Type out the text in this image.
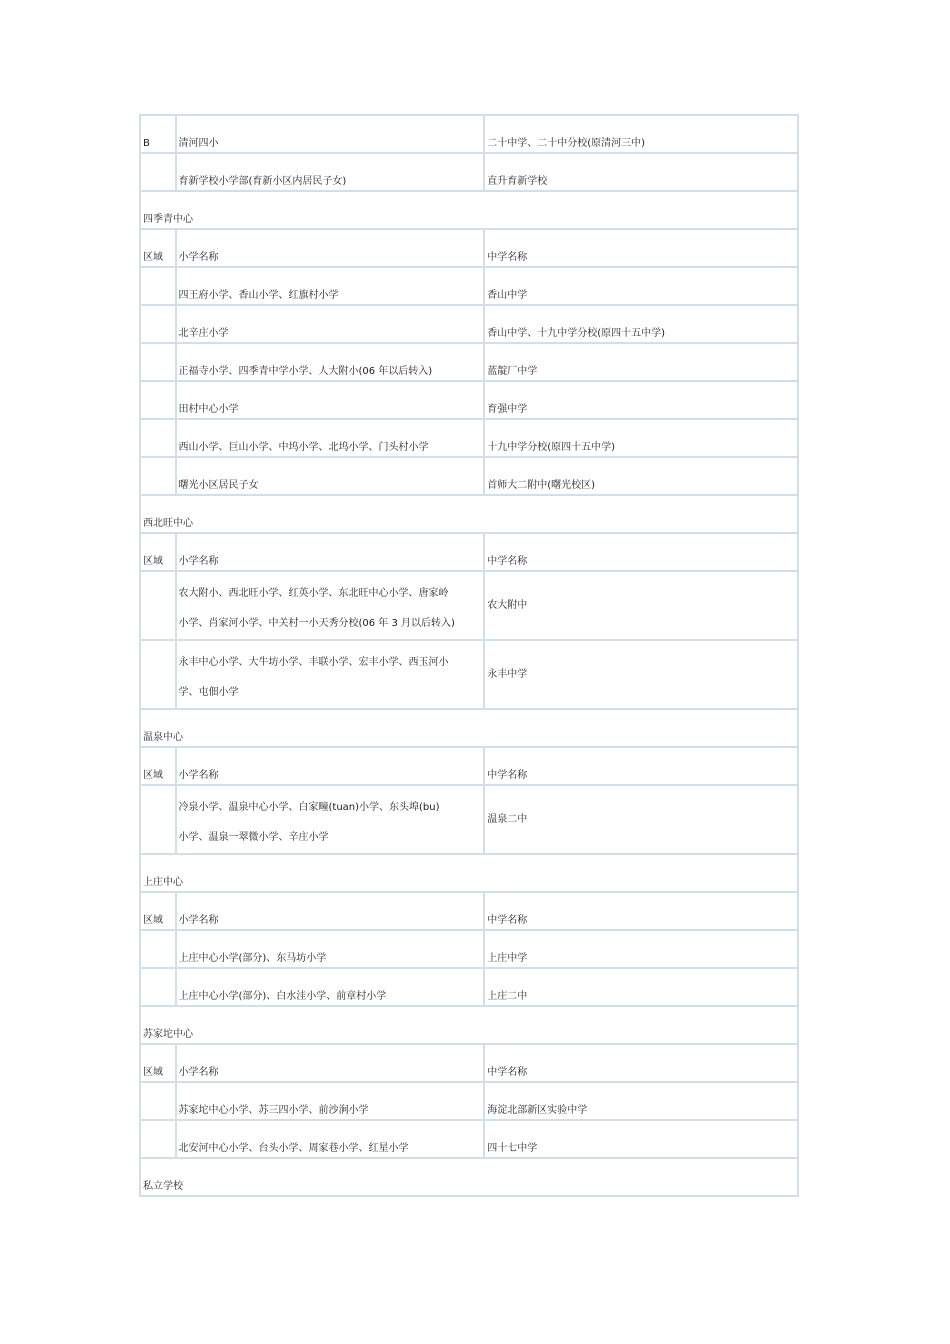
B	清河四小	二十中学、二十中分校(原清河三中)
	育新学校小学部(育新小区内居民子女)	直升育新学校
四季青中心		
区域	小学名称	中学名称
	四王府小学、香山小学、红旗村小学	香山中学
	北辛庄小学	香山中学、十九中学分校(原四十五中学)
	正福寺小学、四季青中学小学、人大附小(06 年以后转入)	蓝靛厂中学
	田村中心小学	育强中学
	西山小学、巨山小学、中坞小学、北坞小学、门头村小学	十九中学分校(原四十五中学)
	曙光小区居民子女	首师大二附中(曙光校区)
西北旺中心		
区域	小学名称	中学名称

	农大附小、西北旺小学、红英小学、东北旺中心小学、唐家岭
小学、肖家河小学、中关村一小天秀分校(06 年 3 月以后转入)	农大附中

	永丰中心小学、大牛坊小学、丰联小学、宏丰小学、西玉河小
学、屯佃小学	永丰中学
温泉中心		
区域	小学名称	中学名称

	冷泉小学、温泉中心小学、白家疃(tuan)小学、东头埠(bu)
小学、温泉一翠微小学、辛庄小学	温泉二中
上庄中心		
区域	小学名称	中学名称
	上庄中心小学(部分)、东马坊小学	上庄中学
	上庄中心小学(部分)、白水洼小学、前章村小学	上庄二中
苏家坨中心		
区域	小学名称	中学名称
	苏家坨中心小学、苏三四小学、前沙涧小学	海淀北部新区实验中学
	北安河中心小学、台头小学、周家巷小学、红星小学	四十七中学
私立学校		
